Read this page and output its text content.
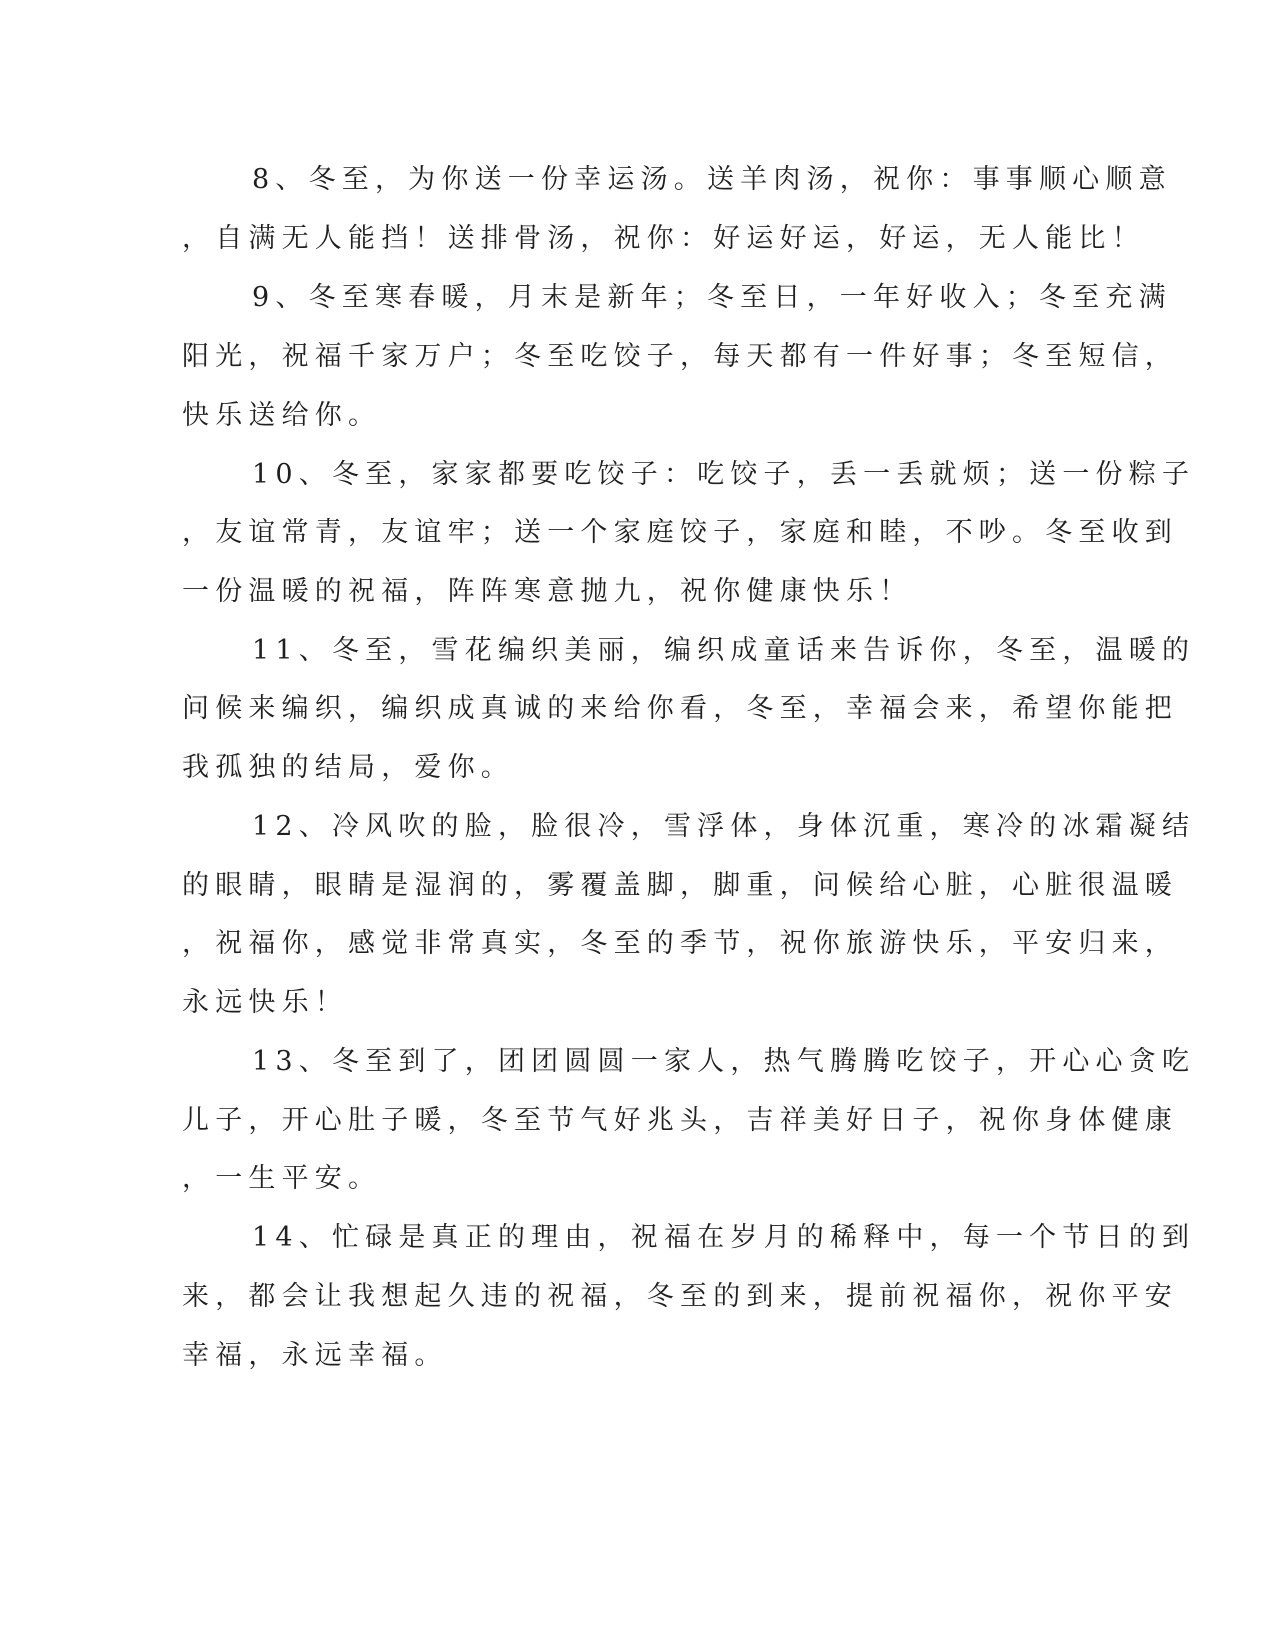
8、冬至，为你送一份幸运汤。送羊肉汤，祝你：事事顺心顺意
，自满无人能挡！送排骨汤，祝你：好运好运，好运，无人能比！
9、冬至寒春暖，月末是新年；冬至日，一年好收入；冬至充满
阳光，祝福千家万户；冬至吃饺子，每天都有一件好事；冬至短信，
快乐送给你。
10、冬至，家家都要吃饺子：吃饺子，丢一丢就烦；送一份粽子
，友谊常青，友谊牢；送一个家庭饺子，家庭和睦，不吵。冬至收到
一份温暖的祝福，阵阵寒意抛九，祝你健康快乐！
11、冬至，雪花编织美丽，编织成童话来告诉你，冬至，温暖的
问候来编织，编织成真诚的来给你看，冬至，幸福会来，希望你能把
我孤独的结局，爱你。
12、冷风吹的脸，脸很冷，雪浮体，身体沉重，寒冷的冰霜凝结
的眼睛，眼睛是湿润的，雾覆盖脚，脚重，问候给心脏，心脏很温暖
，祝福你，感觉非常真实，冬至的季节，祝你旅游快乐，平安归来，
永远快乐！
13、冬至到了，团团圆圆一家人，热气腾腾吃饺子，开心心贪吃
儿子，开心肚子暖，冬至节气好兆头，吉祥美好日子，祝你身体健康
，一生平安。
14、忙碌是真正的理由，祝福在岁月的稀释中，每一个节日的到
来，都会让我想起久违的祝福，冬至的到来，提前祝福你，祝你平安
幸福，永远幸福。
